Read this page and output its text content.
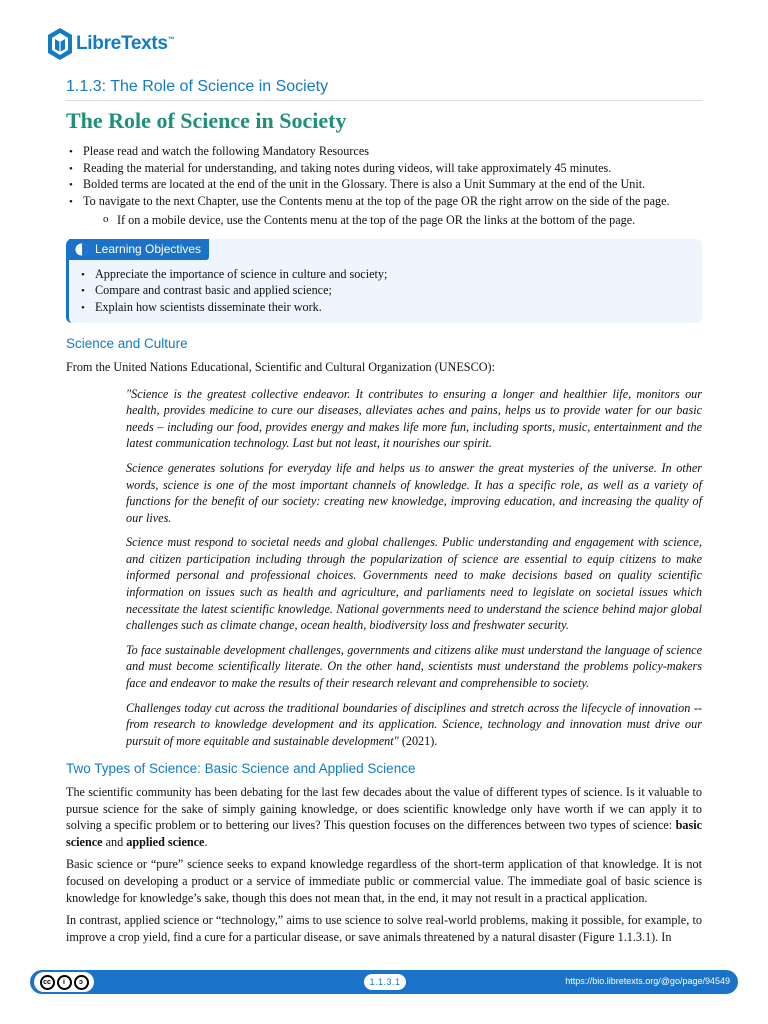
LibreTexts™
1.1.3: The Role of Science in Society
The Role of Science in Society
• Please read and watch the following Mandatory Resources
• Reading the material for understanding, and taking notes during videos, will take approximately 45 minutes.
• Bolded terms are located at the end of the unit in the Glossary. There is also a Unit Summary at the end of the Unit.
• To navigate to the next Chapter, use the Contents menu at the top of the page OR the right arrow on the side of the page.
o If on a mobile device, use the Contents menu at the top of the page OR the links at the bottom of the page.
Learning Objectives
• Appreciate the importance of science in culture and society;
• Compare and contrast basic and applied science;
• Explain how scientists disseminate their work.
Science and Culture

From the United Nations Educational, Scientific and Cultural Organization (UNESCO):

"Science is the greatest collective endeavor. It contributes to ensuring a longer and healthier life, monitors our health, provides medicine to cure our diseases, alleviates aches and pains, helps us to provide water for our basic needs – including our food, provides energy and makes life more fun, including sports, music, entertainment and the latest communication technology. Last but not least, it nourishes our spirit.

Science generates solutions for everyday life and helps us to answer the great mysteries of the universe. In other words, science is one of the most important channels of knowledge. It has a specific role, as well as a variety of functions for the benefit of our society: creating new knowledge, improving education, and increasing the quality of our lives.

Science must respond to societal needs and global challenges. Public understanding and engagement with science, and citizen participation including through the popularization of science are essential to equip citizens to make informed personal and professional choices. Governments need to make decisions based on quality scientific information on issues such as health and agriculture, and parliaments need to legislate on societal issues which necessitate the latest scientific knowledge. National governments need to understand the science behind major global challenges such as climate change, ocean health, biodiversity loss and freshwater security.

To face sustainable development challenges, governments and citizens alike must understand the language of science and must become scientifically literate. On the other hand, scientists must understand the problems policy-makers face and endeavor to make the results of their research relevant and comprehensible to society.

Challenges today cut across the traditional boundaries of disciplines and stretch across the lifecycle of innovation -- from research to knowledge development and its application. Science, technology and innovation must drive our pursuit of more equitable and sustainable development" (2021).

Two Types of Science: Basic Science and Applied Science

The scientific community has been debating for the last few decades about the value of different types of science. Is it valuable to pursue science for the sake of simply gaining knowledge, or does scientific knowledge only have worth if we can apply it to solving a specific problem or to bettering our lives? This question focuses on the differences between two types of science: basic science and applied science.

Basic science or “pure” science seeks to expand knowledge regardless of the short-term application of that knowledge. It is not focused on developing a product or a service of immediate public or commercial value. The immediate goal of basic science is knowledge for knowledge’s sake, though this does not mean that, in the end, it may not result in a practical application.

In contrast, applied science or “technology,” aims to use science to solve real-world problems, making it possible, for example, to improve a crop yield, find a cure for a particular disease, or save animals threatened by a natural disaster (Figure 1.1.3.1). In

cc	i	ↄ	1.1.3.1	https://bio.libretexts.org/@go/page/94549
